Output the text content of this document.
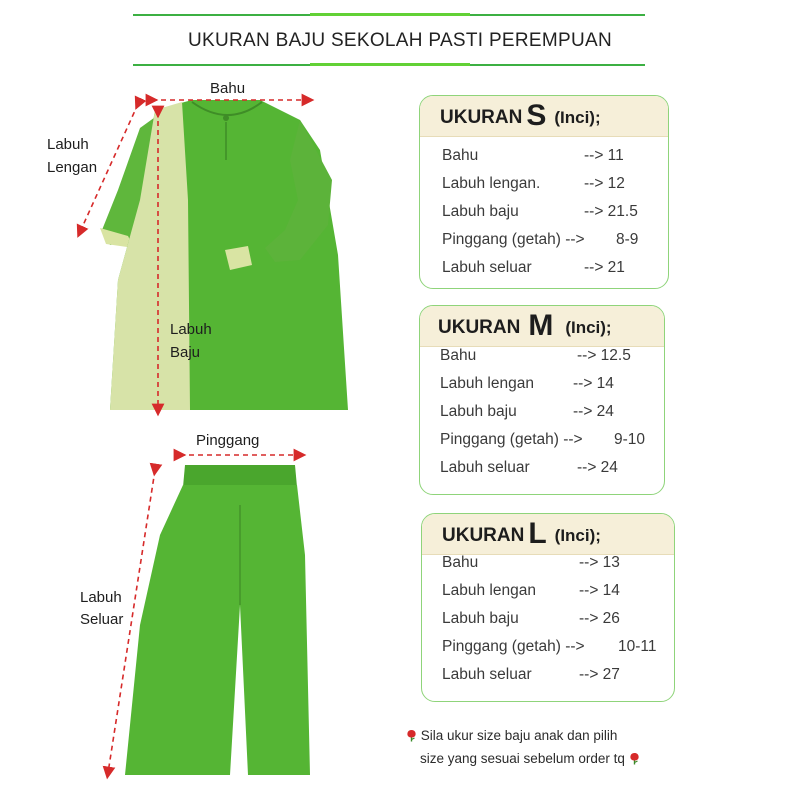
UKURAN BAJU SEKOLAH PASTI PEREMPUAN
Bahu
Labuh
Lengan
Labuh
Baju
Pinggang
Labuh
Seluar
UKURAN S (Inci);
Bahu	--> 11
Labuh lengan.	--> 12
Labuh baju	--> 21.5
Pinggang (getah) --> 8-9
Labuh seluar	--> 21
UKURAN M (Inci);
Bahu	--> 12.5
Labuh lengan	--> 14
Labuh baju	--> 24
Pinggang (getah) --> 9-10
Labuh seluar	--> 24
UKURAN L (Inci);
Bahu	--> 13
Labuh lengan	--> 14
Labuh baju	--> 26
Pinggang (getah) --> 10-11
Labuh seluar	--> 27
Sila ukur size baju anak dan pilih
size yang sesuai sebelum order tq
